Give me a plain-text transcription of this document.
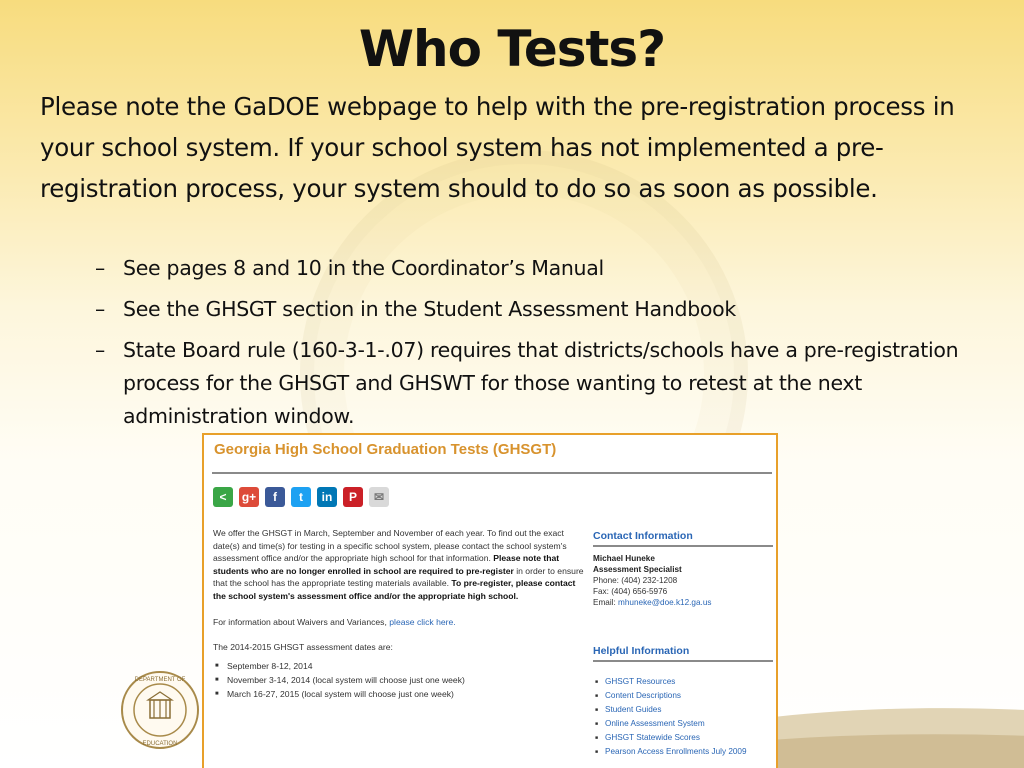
Who Tests?

Please note the GaDOE webpage to help with the pre-registration process in your school system. If your school system has not implemented a pre-registration process, your system should to do so as soon as possible.

– See pages 8 and 10 in the Coordinator’s Manual
– See the GHSGT section in the Student Assessment Handbook
– State Board rule (160-3-1-.07) requires that districts/schools have a pre-registration process for the GHSGT and GHSWT for those wanting to retest at the next administration window.
DEPARTMENT OF
EDUCATION
Georgia High School Graduation Tests (GHSGT)
<	g+	f	t	in	P	✉

We offer the GHSGT in March, September and November of each year. To find out the exact date(s) and time(s) for testing in a specific school system, please contact the school system's assessment office and/or the appropriate high school for that information. Please note that students who are no longer enrolled in school are required to pre-register in order to ensure that the school has the appropriate testing materials available. To pre-register, please contact the school system's assessment office and/or the appropriate high school.

For information about Waivers and Variances, please click here.

The 2014-2015 GHSGT assessment dates are:

■ September 8-12, 2014
■ November 3-14, 2014 (local system will choose just one week)
■ March 16-27, 2015 (local system will choose just one week)
Contact Information
Michael Huneke
Assessment Specialist
Phone: (404) 232-1208
Fax: (404) 656-5976
Email: mhuneke@doe.k12.ga.us
Helpful Information
■ GHSGT Resources
■ Content Descriptions
■ Student Guides
■ Online Assessment System
■ GHSGT Statewide Scores
■ Pearson Access Enrollments July 2009
